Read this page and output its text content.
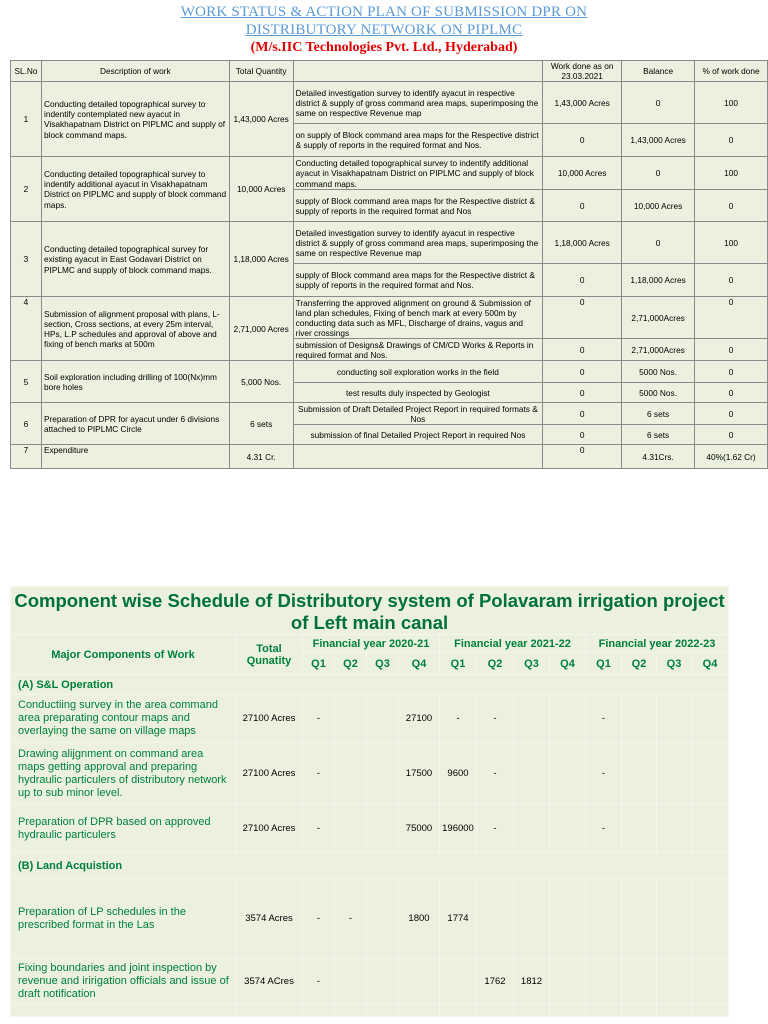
WORK STATUS & ACTION PLAN OF SUBMISSION DPR ON
DISTRIBUTORY NETWORK ON PIPLMC
(M/s.IIC Technologies Pvt. Ltd., Hyderabad)
SL.No	Description of work	Total Quantity		Work done as on 23.03.2021	Balance	% of work done
1	Conducting detailed topographical survey to indentify contemplated new ayacut in Visakhapatnam District on PIPLMC and supply of block command maps.	1,43,000 Acres	Detailed investigation survey to identify ayacut in respective district & supply of gross command area maps, superimposing the same on respective Revenue map	1,43,000 Acres	0	100
			on supply of Block command area maps for the Respective district & supply of reports in the required format and Nos.	0	1,43,000 Acres	0
2	Conducting detailed topographical survey to indentify additional ayacut in Visakhapatnam District on PIPLMC and supply of block command maps.	10,000 Acres	Conducting detailed topographical survey to indentify additional ayacut in Visakhapatnam District on PIPLMC and supply of block command maps.	10,000 Acres	0	100
			supply of Block command area maps for the Respective district & supply of reports in the required format and Nos	0	10,000 Acres	0
3	Conducting detailed topographical survey for existing ayacut in East Godavari District on PIPLMC and supply of block command maps.	1,18,000 Acres	Detailed investigation survey to identify ayacut in respective district & supply of gross command area maps, superimposing the same on respective Revenue map	1,18,000 Acres	0	100
			supply of Block command area maps for the Respective district & supply of reports in the required format and Nos.	0	1,18,000 Acres	0
4	Submission of alignment proposal with plans, L-section, Cross sections, at every 25m interval, HPs, L.P schedules and approval of above and fixing of bench marks at 500m	2,71,000 Acres	Transferring the approved alignment on ground & Submission of land plan schedules, Fixing of bench mark at every 500m by conducting data such as MFL, Discharge of drains, vagus and river crossings	0	2,71,000Acres	0
			submission of Designs& Drawings of CM/CD Works & Reports in required format and Nos.	0	2,71,000Acres	0
5	Soil exploration including drilling of 100(Nx)mm bore holes	5,000 Nos.	conducting soil exploration works in the field	0	5000 Nos.	0
			test results duly inspected by Geologist	0	5000 Nos.	0
6	Preparation of DPR for ayacut under 6 divisions attached to PIPLMC Circle	6 sets	Submission of Draft Detailed Project Report in required formats & Nos	0	6 sets	0
			submission of final Detailed Project Report in required Nos	0	6 sets	0
7	Expenditure	4.31 Cr.		0	4.31Crs.	40%(1.62 Cr)
Component wise Schedule of Distributory system of Polavaram irrigation project of Left main canal													
Major Components of Work	Total Qunatity	Financial year 2020-21				Financial year 2021-22				Financial year 2022-23			
		Q1	Q2	Q3	Q4	Q1	Q2	Q3	Q4	Q1	Q2	Q3	Q4
(A) S&L Operation													
Conductiing survey in the area command area preparating contour maps and overlaying the same on village maps	27100 Acres	-			27100	-	-			-			
Drawing alijgnment on command area maps getting approval and preparing hydraulic particulers of distributory network up to sub minor level.	27100 Acres	-			17500	9600	-			-			
Preparation of DPR based on approved hydraulic particulers	27100 Acres	-			75000	196000	-			-			
(B) Land Acquistion													
Preparation of LP schedules in the prescribed format in the Las	3574 Acres	-	-		1800	1774							
Fixing boundaries and joint inspection by revenue and iririgation officials and issue of draft notification	3574 ACres	-					1762	1812					
